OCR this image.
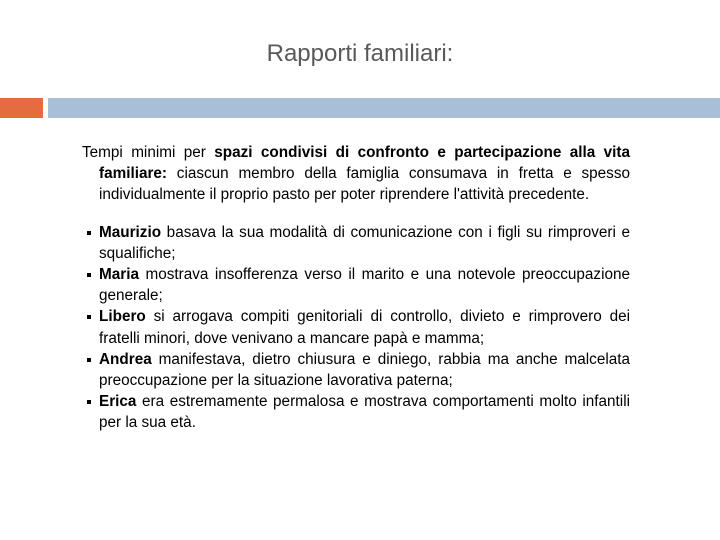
Rapporti familiari:

Tempi minimi per spazi condivisi di confronto e partecipazione alla vita familiare: ciascun membro della famiglia consumava in fretta e spesso individualmente il proprio pasto per poter riprendere l'attività precedente.

Maurizio basava la sua modalità di comunicazione con i figli su rimproveri e squalifiche;
Maria mostrava insofferenza verso il marito e una notevole preoccupazione generale;
Libero si arrogava compiti genitoriali di controllo, divieto e rimprovero dei fratelli minori, dove venivano a mancare papà e mamma;
Andrea manifestava, dietro chiusura e diniego, rabbia ma anche malcelata preoccupazione per la situazione lavorativa paterna;
Erica era estremamente permalosa e mostrava comportamenti molto infantili per la sua età.
